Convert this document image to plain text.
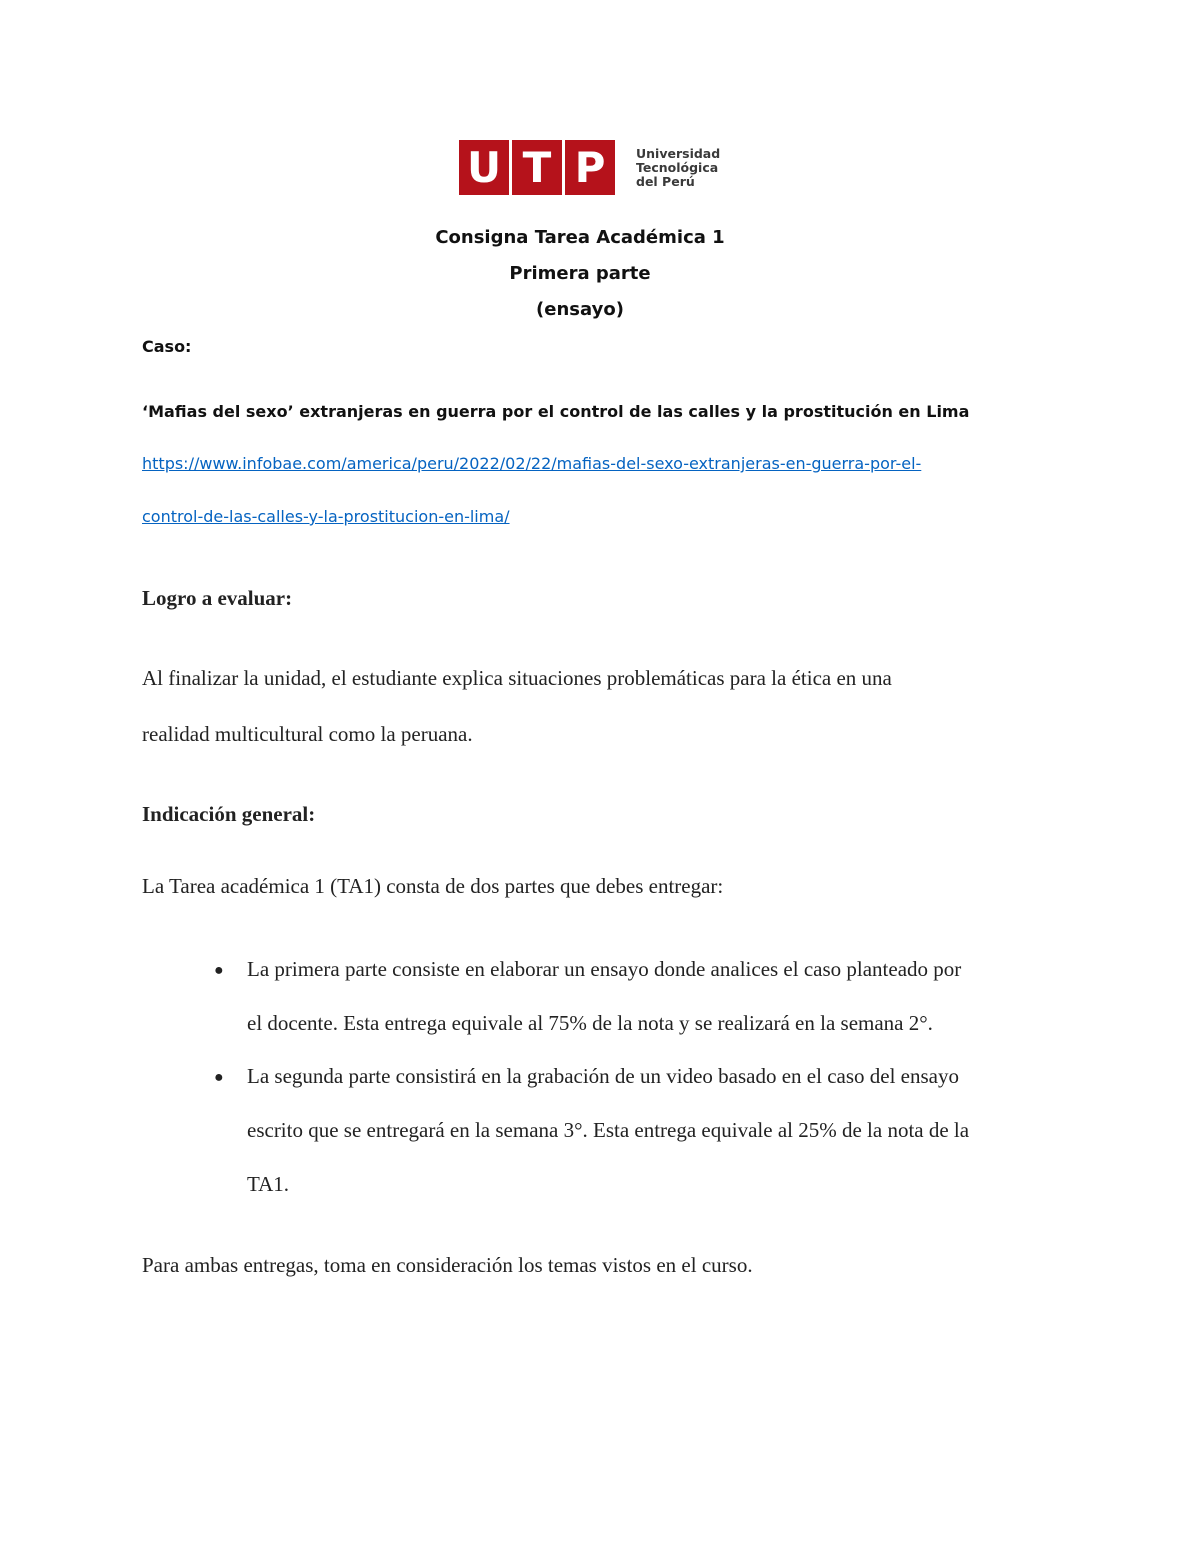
U T P	Universidad
Tecnológica
del Perú
Consigna Tarea Académica 1
Primera parte
(ensayo)
Caso:
‘Mafias del sexo’ extranjeras en guerra por el control de las calles y la prostitución en Lima
https://www.infobae.com/america/peru/2022/02/22/mafias-del-sexo-extranjeras-en-guerra-por-el-
control-de-las-calles-y-la-prostitucion-en-lima/
Logro a evaluar:
Al finalizar la unidad, el estudiante explica situaciones problemáticas para la ética en una
realidad multicultural como la peruana.
Indicación general:
La Tarea académica 1 (TA1) consta de dos partes que debes entregar:
● La primera parte consiste en elaborar un ensayo donde analices el caso planteado por
el docente. Esta entrega equivale al 75% de la nota y se realizará en la semana 2°.
● La segunda parte consistirá en la grabación de un video basado en el caso del ensayo
escrito que se entregará en la semana 3°. Esta entrega equivale al 25% de la nota de la
TA1.
Para ambas entregas, toma en consideración los temas vistos en el curso.
